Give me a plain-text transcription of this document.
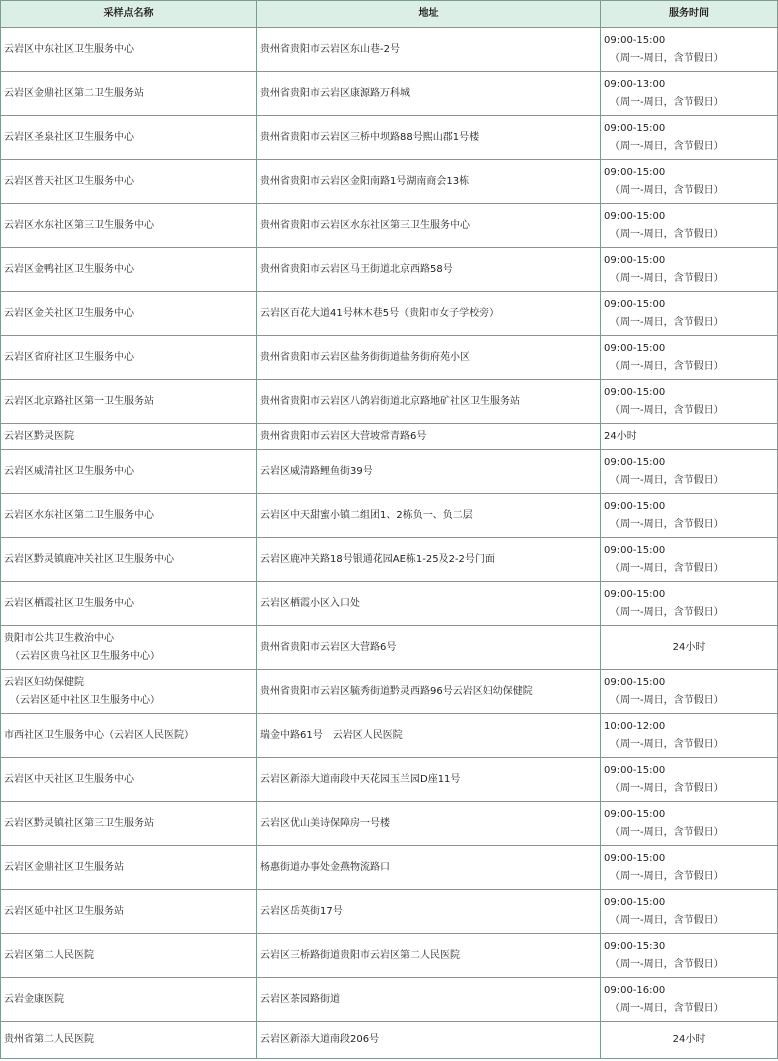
采样点名称	地址	服务时间

云岩区中东社区卫生服务中心	贵州省贵阳市云岩区东山巷-2号	09:00-15:00
（周一-周日，含节假日）

云岩区金鼎社区第二卫生服务站	贵州省贵阳市云岩区康源路万科城	09:00-13:00
（周一-周日，含节假日）

云岩区圣泉社区卫生服务中心	贵州省贵阳市云岩区三桥中坝路88号熙山郡1号楼	09:00-15:00
（周一-周日，含节假日）

云岩区普天社区卫生服务中心	贵州省贵阳市云岩区金阳南路1号湖南商会13栋	09:00-15:00
（周一-周日，含节假日）

云岩区水东社区第三卫生服务中心	贵州省贵阳市云岩区水东社区第三卫生服务中心	09:00-15:00
（周一-周日，含节假日）

云岩区金鸭社区卫生服务中心	贵州省贵阳市云岩区马王街道北京西路58号	09:00-15:00
（周一-周日，含节假日）

云岩区金关社区卫生服务中心	云岩区百花大道41号林木巷5号（贵阳市女子学校旁）	09:00-15:00
（周一-周日，含节假日）

云岩区省府社区卫生服务中心	贵州省贵阳市云岩区盐务街街道盐务街府苑小区	09:00-15:00
（周一-周日，含节假日）

云岩区北京路社区第一卫生服务站	贵州省贵阳市云岩区八鸽岩街道北京路地矿社区卫生服务站	09:00-15:00
（周一-周日，含节假日）

云岩区黔灵医院	贵州省贵阳市云岩区大营坡常青路6号	24小时

云岩区威清社区卫生服务中心	云岩区威清路鲤鱼街39号	09:00-15:00
（周一-周日，含节假日）

云岩区水东社区第二卫生服务中心	云岩区中天甜蜜小镇二组团1、2栋负一、负二层	09:00-15:00
（周一-周日，含节假日）

云岩区黔灵镇鹿冲关社区卫生服务中心	云岩区鹿冲关路18号银通花园AE栋1-25及2-2号门面	09:00-15:00
（周一-周日，含节假日）

云岩区栖霞社区卫生服务中心	云岩区栖霞小区入口处	09:00-15:00
（周一-周日，含节假日）

贵阳市公共卫生救治中心
（云岩区贵乌社区卫生服务中心）	贵州省贵阳市云岩区大营路6号	24小时

云岩区妇幼保健院
（云岩区延中社区卫生服务中心）	贵州省贵阳市云岩区毓秀街道黔灵西路96号云岩区妇幼保健院	09:00-15:00
（周一-周日，含节假日）

市西社区卫生服务中心（云岩区人民医院）	瑞金中路61号　云岩区人民医院	10:00-12:00
（周一-周日，含节假日）

云岩区中天社区卫生服务中心	云岩区新添大道南段中天花园玉兰园D座11号	09:00-15:00
（周一-周日，含节假日）

云岩区黔灵镇社区第三卫生服务站	云岩区优山美诗保障房一号楼	09:00-15:00
（周一-周日，含节假日）

云岩区金鼎社区卫生服务站	杨惠街道办事处金燕物流路口	09:00-15:00
（周一-周日，含节假日）

云岩区延中社区卫生服务站	云岩区岳英街17号	09:00-15:00
（周一-周日，含节假日）

云岩区第二人民医院	云岩区三桥路街道贵阳市云岩区第二人民医院	09:00-15:30
（周一-周日，含节假日）

云岩金康医院	云岩区茶园路街道	09:00-16:00
（周一-周日，含节假日）

贵州省第二人民医院	云岩区新添大道南段206号	24小时
